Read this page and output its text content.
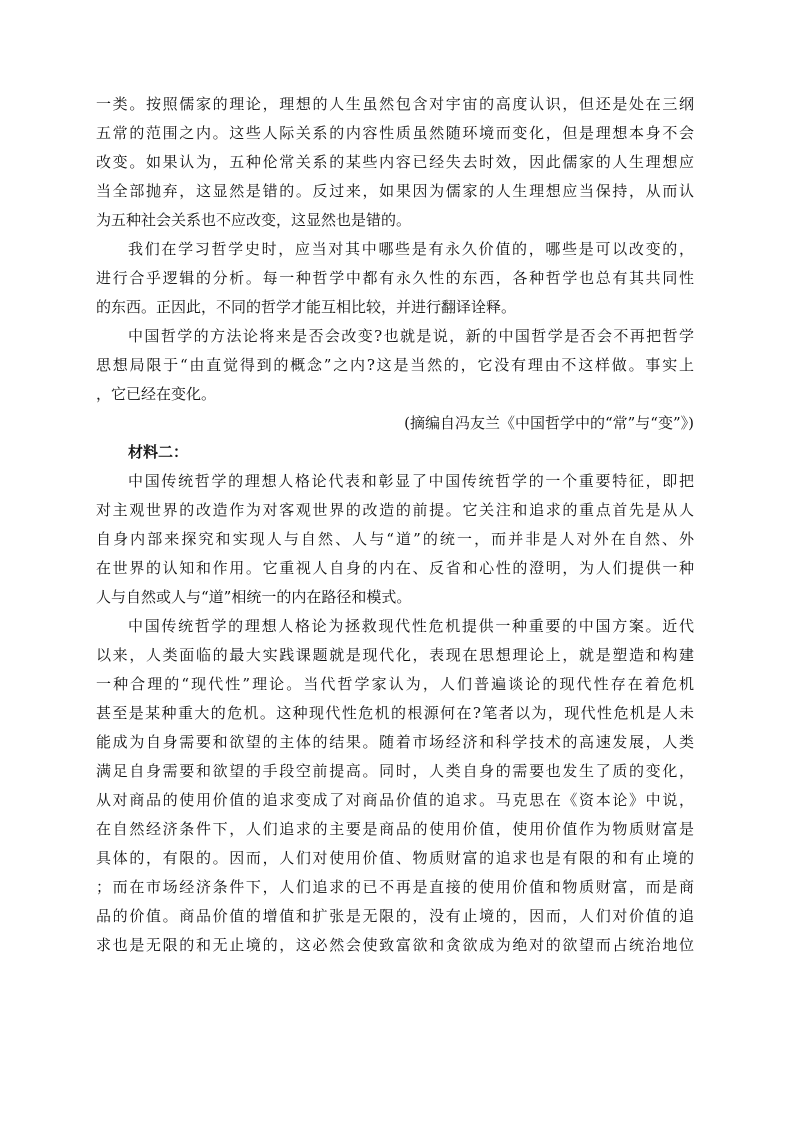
一类。按照儒家的理论，理想的人生虽然包含对宇宙的高度认识，但还是处在三纲
五常的范围之内。这些人际关系的内容性质虽然随环境而变化，但是理想本身不会
改变。如果认为，五种伦常关系的某些内容已经失去时效，因此儒家的人生理想应
当全部抛弃，这显然是错的。反过来，如果因为儒家的人生理想应当保持，从而认
为五种社会关系也不应改变，这显然也是错的。
我们在学习哲学史时，应当对其中哪些是有永久价值的，哪些是可以改变的，
进行合乎逻辑的分析。每一种哲学中都有永久性的东西，各种哲学也总有其共同性
的东西。正因此，不同的哲学才能互相比较，并进行翻译诠释。
中国哲学的方法论将来是否会改变?也就是说，新的中国哲学是否会不再把哲学
思想局限于“由直觉得到的概念”之内?这是当然的，它没有理由不这样做。事实上
，它已经在变化。
(摘编自冯友兰《中国哲学中的“常”与“变”》)
材料二：
中国传统哲学的理想人格论代表和彰显了中国传统哲学的一个重要特征，即把
对主观世界的改造作为对客观世界的改造的前提。它关注和追求的重点首先是从人
自身内部来探究和实现人与自然、人与“道”的统一，而并非是人对外在自然、外
在世界的认知和作用。它重视人自身的内在、反省和心性的澄明，为人们提供一种
人与自然或人与“道”相统一的内在路径和模式。
中国传统哲学的理想人格论为拯救现代性危机提供一种重要的中国方案。近代
以来，人类面临的最大实践课题就是现代化，表现在思想理论上，就是塑造和构建
一种合理的“现代性”理论。当代哲学家认为，人们普遍谈论的现代性存在着危机
甚至是某种重大的危机。这种现代性危机的根源何在?笔者以为，现代性危机是人未
能成为自身需要和欲望的主体的结果。随着市场经济和科学技术的高速发展，人类
满足自身需要和欲望的手段空前提高。同时，人类自身的需要也发生了质的变化，
从对商品的使用价值的追求变成了对商品价值的追求。马克思在《资本论》中说，
在自然经济条件下，人们追求的主要是商品的使用价值，使用价值作为物质财富是
具体的，有限的。因而，人们对使用价值、物质财富的追求也是有限的和有止境的
；而在市场经济条件下，人们追求的已不再是直接的使用价值和物质财富，而是商
品的价值。商品价值的增值和扩张是无限的，没有止境的，因而，人们对价值的追
求也是无限的和无止境的，这必然会使致富欲和贪欲成为绝对的欲望而占统治地位
